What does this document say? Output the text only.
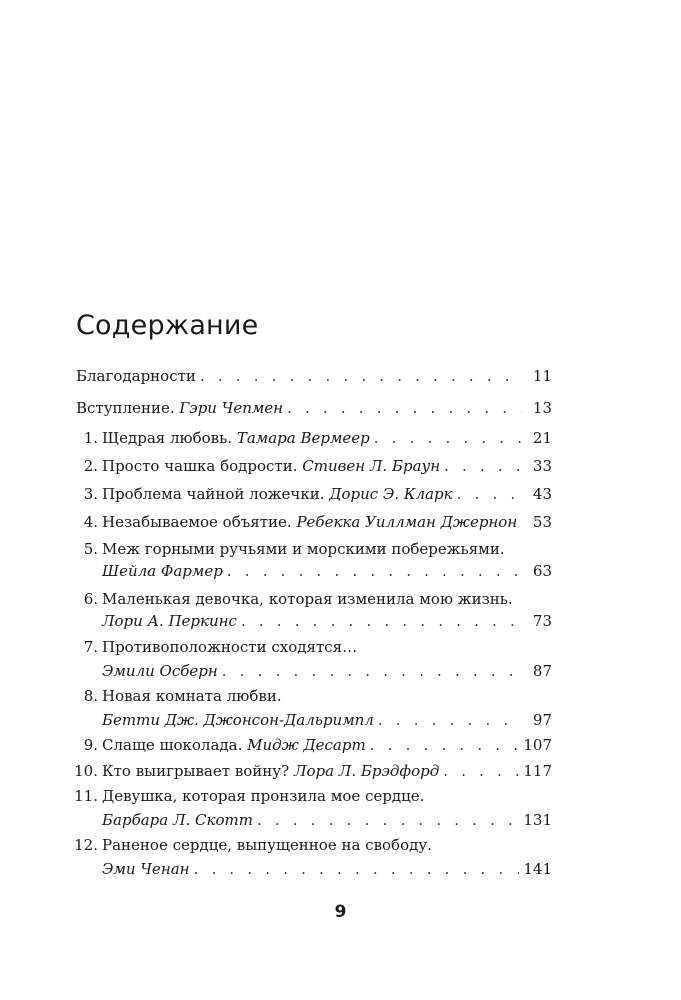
Содержание
Благодарности . . .	11
Вступление. Гэри Чепмен . . .	13
1. Щедрая любовь. Тамара Вермеер . . .	21
2. Просто чашка бодрости. Стивен Л. Браун . . .	33
3. Проблема чайной ложечки. Дорис Э. Кларк . . .	43
4. Незабываемое объятие. Ребекка Уиллман Джернон . . .	53
5. Меж горными ручьями и морскими побережьями.
Шейла Фармер . . .	63
6. Маленькая девочка, которая изменила мою жизнь.
Лори А. Перкинс . . .	73
7. Противоположности сходятся…
Эмили Осберн . . .	87
8. Новая комната любви.
Бетти Дж. Джонсон-Дальримпл . . .	97
9. Слаще шоколада. Мидж Десарт . . .	107
10. Кто выигрывает войну? Лора Л. Брэдфорд . . .	117
11. Девушка, которая пронзила мое сердце.
Барбара Л. Скотт . . .	131
12. Раненое сердце, выпущенное на свободу.
Эми Ченан . . .	141
9
